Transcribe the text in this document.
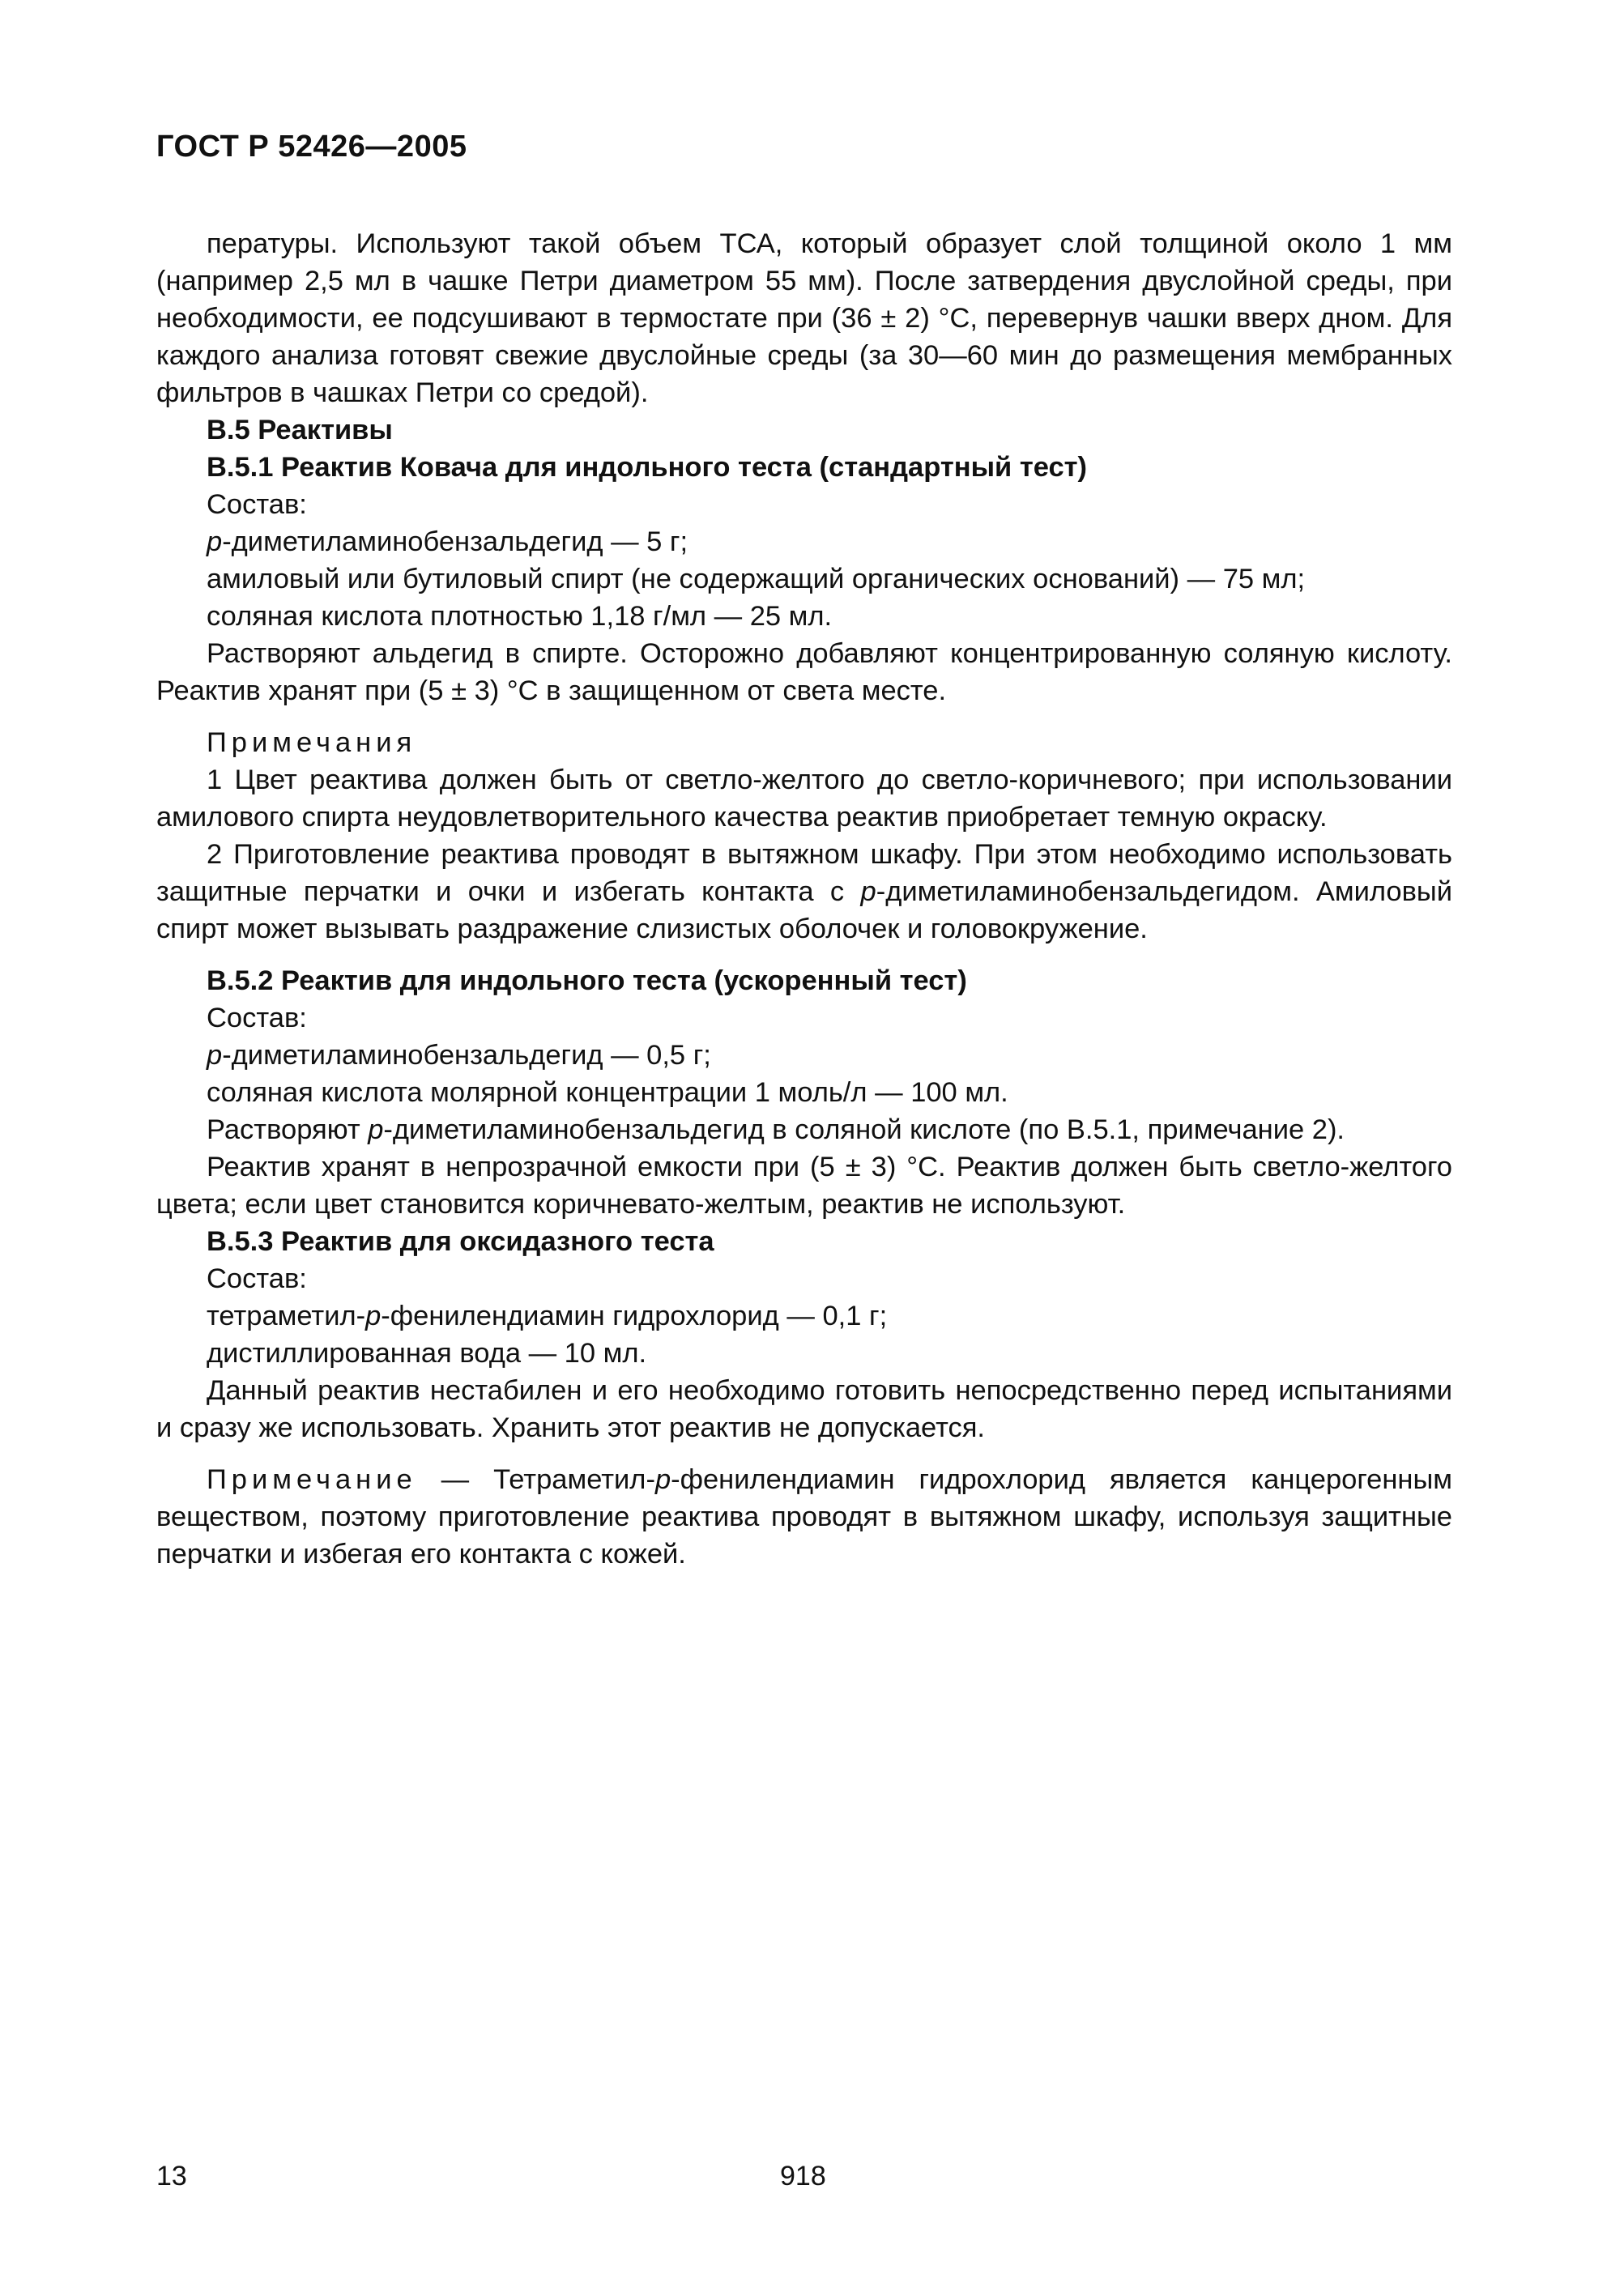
ГОСТ Р 52426—2005

пературы. Используют такой объем ТСА, который образует слой толщиной около 1 мм (например 2,5 мл в чашке Петри диаметром 55 мм). После затвердения двуслойной среды, при необходимости, ее подсушивают в термостате при (36 ± 2) °С, перевернув чашки вверх дном. Для каждого анализа готовят свежие двуслойные среды (за 30—60 мин до размещения мембранных фильтров в чашках Петри со средой).

В.5 Реактивы

В.5.1 Реактив Ковача для индольного теста (стандартный тест)

Состав:

р-диметиламинобензальдегид — 5 г;

амиловый или бутиловый спирт (не содержащий органических оснований) — 75 мл;

соляная кислота плотностью 1,18 г/мл — 25 мл.

Растворяют альдегид в спирте. Осторожно добавляют концентрированную соляную кислоту. Реактив хранят при (5 ± 3) °С в защищенном от света месте.

Примечания

1 Цвет реактива должен быть от светло-желтого до светло-коричневого; при использовании амилового спирта неудовлетворительного качества реактив приобретает темную окраску.

2 Приготовление реактива проводят в вытяжном шкафу. При этом необходимо использовать защитные перчатки и очки и избегать контакта с р-диметиламинобензальдегидом. Амиловый спирт может вызывать раздражение слизистых оболочек и головокружение.

В.5.2 Реактив для индольного теста (ускоренный тест)

Состав:

р-диметиламинобензальдегид — 0,5 г;

соляная кислота молярной концентрации 1 моль/л — 100 мл.

Растворяют р-диметиламинобензальдегид в соляной кислоте (по В.5.1, примечание 2).

Реактив хранят в непрозрачной емкости при (5 ± 3) °С. Реактив должен быть светло-желтого цвета; если цвет становится коричневато-желтым, реактив не используют.

В.5.3 Реактив для оксидазного теста

Состав:

тетраметил-р-фенилендиамин гидрохлорид — 0,1 г;

дистиллированная вода — 10 мл.

Данный реактив нестабилен и его необходимо готовить непосредственно перед испытаниями и сразу же использовать. Хранить этот реактив не допускается.

Примечание — Тетраметил-р-фенилендиамин гидрохлорид является канцерогенным веществом, поэтому приготовление реактива проводят в вытяжном шкафу, используя защитные перчатки и избегая его контакта с кожей.

13	918
